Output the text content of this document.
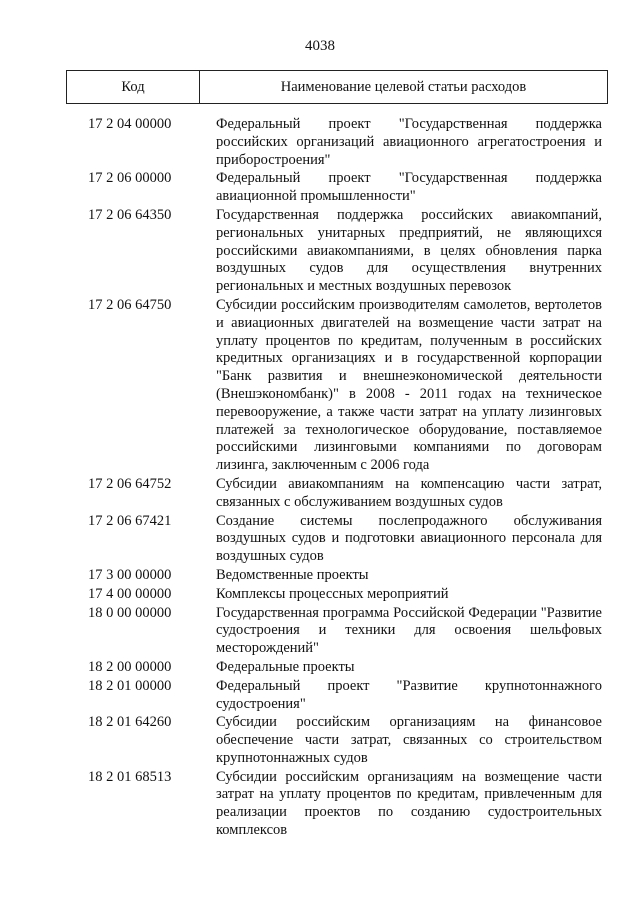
4038
Код	Наименование целевой статьи расходов
17 2 04 00000	Федеральный проект "Государственная поддержка российских организаций авиационного агрегатостроения и приборостроения"
17 2 06 00000	Федеральный проект "Государственная поддержка авиационной промышленности"
17 2 06 64350	Государственная поддержка российских авиакомпаний, региональных унитарных предприятий, не являющихся российскими авиакомпаниями, в целях обновления парка воздушных судов для осуществления внутренних региональных и местных воздушных перевозок
17 2 06 64750	Субсидии российским производителям самолетов, вертолетов и авиационных двигателей на возмещение части затрат на уплату процентов по кредитам, полученным в российских кредитных организациях и в государственной корпорации "Банк развития и внешнеэкономической деятельности (Внешэкономбанк)" в 2008 - 2011 годах на техническое перевооружение, а также части затрат на уплату лизинговых платежей за технологическое оборудование, поставляемое российскими лизинговыми компаниями по договорам лизинга, заключенным с 2006 года
17 2 06 64752	Субсидии авиакомпаниям на компенсацию части затрат, связанных с обслуживанием воздушных судов
17 2 06 67421	Создание системы послепродажного обслуживания воздушных судов и подготовки авиационного персонала для воздушных судов
17 3 00 00000	Ведомственные проекты
17 4 00 00000	Комплексы процессных мероприятий
18 0 00 00000	Государственная программа Российской Федерации "Развитие судостроения и техники для освоения шельфовых месторождений"
18 2 00 00000	Федеральные проекты
18 2 01 00000	Федеральный проект "Развитие крупнотоннажного судостроения"
18 2 01 64260	Субсидии российским организациям на финансовое обеспечение части затрат, связанных со строительством крупнотоннажных судов
18 2 01 68513	Субсидии российским организациям на возмещение части затрат на уплату процентов по кредитам, привлеченным для реализации проектов по созданию судостроительных комплексов
